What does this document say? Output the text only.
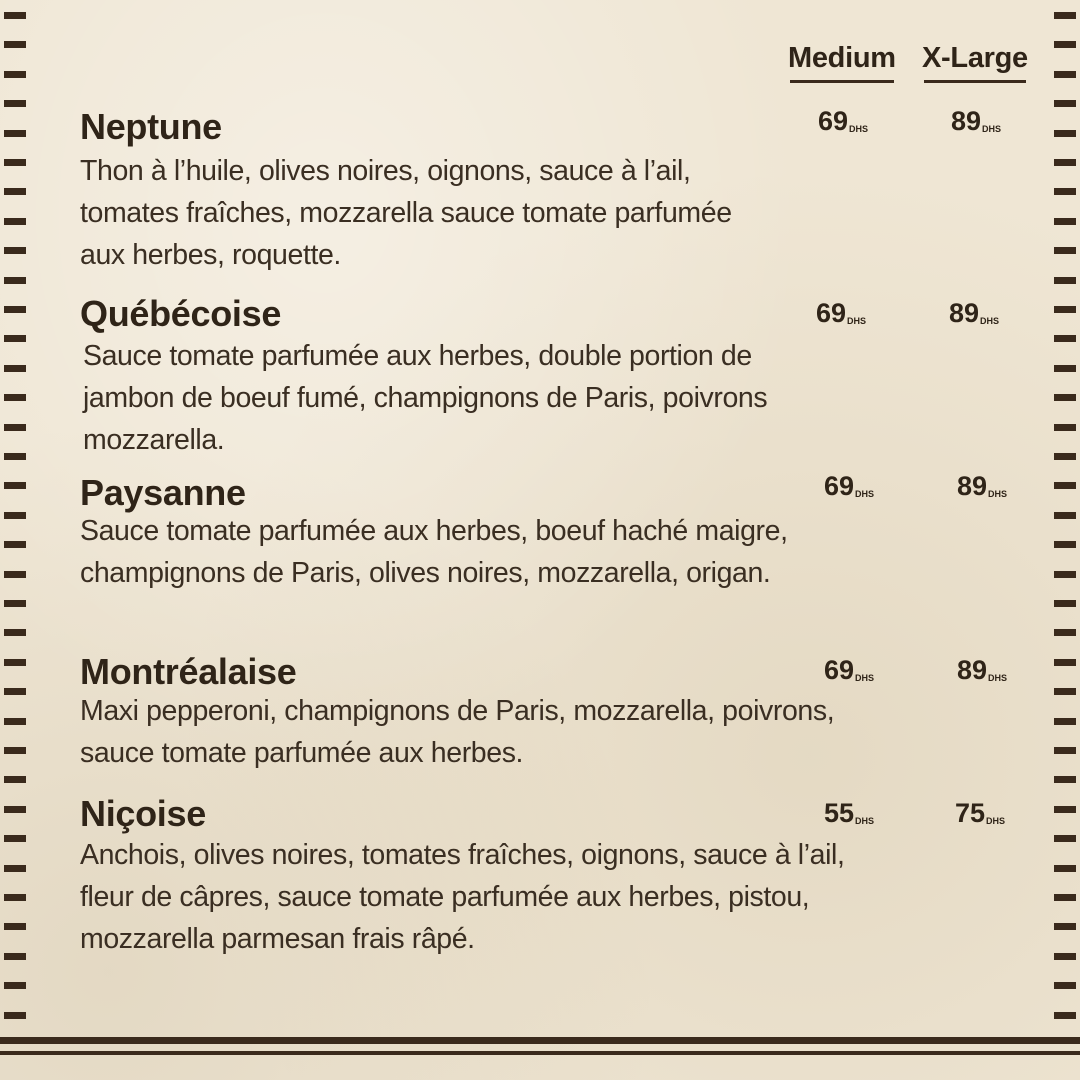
Medium X-Large
Neptune	69DHS	89DHS
Thon à l’huile, olives noires, oignons, sauce à l’ail, tomates fraîches, mozzarella sauce tomate parfumée aux herbes, roquette.
Québécoise	69DHS	89DHS
Sauce tomate parfumée aux herbes, double portion de jambon de boeuf fumé, champignons de Paris, poivrons mozzarella.
Paysanne	69DHS	89DHS
Sauce tomate parfumée aux herbes, boeuf haché maigre, champignons de Paris, olives noires, mozzarella, origan.
Montréalaise	69DHS	89DHS
Maxi pepperoni, champignons de Paris, mozzarella, poivrons, sauce tomate parfumée aux herbes.
Niçoise	55DHS	75DHS
Anchois, olives noires, tomates fraîches, oignons, sauce à l’ail, fleur de câpres, sauce tomate parfumée aux herbes, pistou, mozzarella parmesan frais râpé.
